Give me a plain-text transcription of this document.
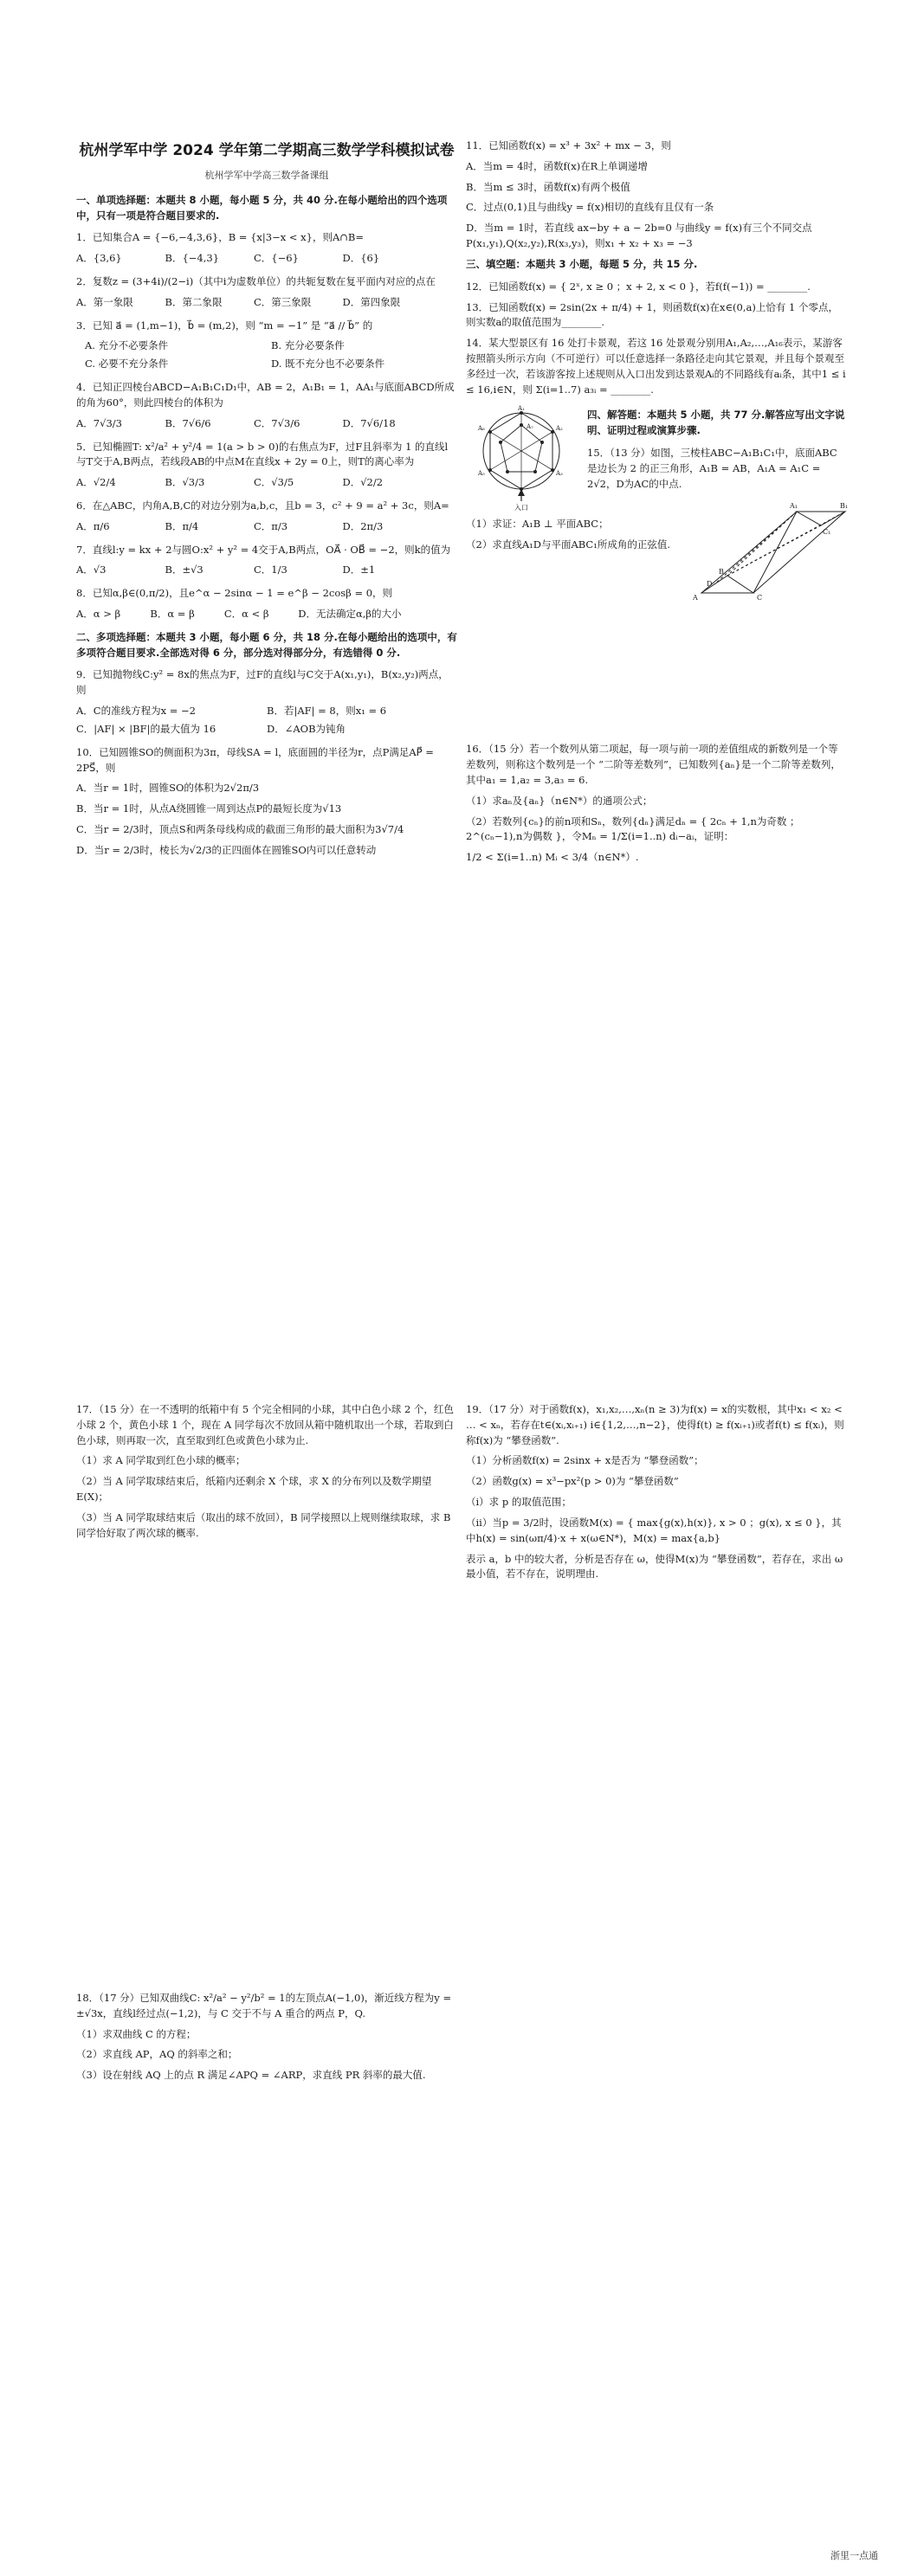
杭州学军中学 2024 学年第二学期高三数学学科模拟试卷
杭州学军中学高三数学备课组
一、单项选择题：本题共 8 小题，每小题 5 分，共 40 分.在每小题给出的四个选项中，只有一项是符合题目要求的.
1．已知集合A = {−6,−4,3,6}，B = {x|3−x < x}，则A∩B=
A．{3,6}	B．{−4,3}	C．{−6}	D．{6}
2．复数z = (3+4i)/(2−i)（其中i为虚数单位）的共轭复数在复平面内对应的点在
A．第一象限	B．第二象限	C．第三象限	D．第四象限
3．已知 a⃗ = (1,m−1)，b⃗ = (m,2)，则 “m = −1” 是 “a⃗ // b⃗” 的
A. 充分不必要条件	B. 充分必要条件
C. 必要不充分条件	D. 既不充分也不必要条件
4．已知正四棱台ABCD−A₁B₁C₁D₁中，AB = 2，A₁B₁ = 1，AA₁与底面ABCD所成的角为60°，则此四棱台的体积为
A．7√3/3	B．7√6/6	C．7√3/6	D．7√6/18
5．已知椭圆T: x²/a² + y²/4 = 1(a > b > 0)的右焦点为F，过F且斜率为 1 的直线l与T交于A,B两点，若线段AB的中点M在直线x + 2y = 0上，则T的离心率为
A．√2/4	B．√3/3	C．√3/5	D．√2/2
6．在△ABC，内角A,B,C的对边分别为a,b,c，且b = 3，c² + 9 = a² + 3c，则A=
A．π/6	B．π/4	C．π/3	D．2π/3
7．直线l:y = kx + 2与圆O:x² + y² = 4交于A,B两点，OA⃗ · OB⃗ = −2，则k的值为
A．√3	B．±√3	C．1/3	D．±1
8．已知α,β∈(0,π/2)，且e^α − 2sinα − 1 = e^β − 2cosβ = 0，则
A．α > β	B．α = β	C．α < β	D．无法确定α,β的大小
二、多项选择题：本题共 3 小题，每小题 6 分，共 18 分.在每小题给出的选项中，有多项符合题目要求.全部选对得 6 分，部分选对得部分分，有选错得 0 分.
9．已知抛物线C:y² = 8x的焦点为F，过F的直线l与C交于A(x₁,y₁)，B(x₂,y₂)两点，则
A．C的准线方程为x = −2	B．若|AF| = 8，则x₁ = 6
C．|AF| × |BF|的最大值为 16	D．∠AOB为钝角
10．已知圆锥SO的侧面积为3π，母线SA = l，底面圆的半径为r，点P满足AP⃗ = 2PS⃗，则
A．当r = 1时，圆锥SO的体积为2√2π/3
B．当r = 1时，从点A绕圆锥一周到达点P的最短长度为√13
C．当r = 2/3时，顶点S和两条母线构成的截面三角形的最大面积为3√7/4
D．当r = 2/3时，棱长为√2/3的正四面体在圆锥SO内可以任意转动
11．已知函数f(x) = x³ + 3x² + mx − 3，则
A．当m = 4时，函数f(x)在R上单调递增
B．当m ≤ 3时，函数f(x)有两个极值
C．过点(0,1)且与曲线y = f(x)相切的直线有且仅有一条
D．当m = 1时，若直线 ax−by + a − 2b=0 与曲线y = f(x)有三个不同交点P(x₁,y₁),Q(x₂,y₂),R(x₃,y₃)，则x₁ + x₂ + x₃ = −3
三、填空题：本题共 3 小题，每题 5 分，共 15 分.
12．已知函数f(x) = { 2ˣ, x ≥ 0 ；x + 2, x < 0 }，若f(f(−1)) = ________.
13．已知函数f(x) = 2sin(2x + π/4) + 1，则函数f(x)在x∈(0,a)上恰有 1 个零点，则实数a的取值范围为________.
14．某大型景区有 16 处打卡景观，若这 16 处景观分别用A₁,A₂,…,A₁₆表示，某游客按照箭头所示方向（不可逆行）可以任意选择一条路径走向其它景观，并且每个景观至多经过一次，若该游客按上述规则从入口出发到达景观Aᵢ的不同路线有aᵢ条，其中1 ≤ i ≤ 16,i∈N，则 Σ(i=1..7) a₃ᵢ = ________.
A₁
A₂
A₃
A₅
A₆	A₇
入口
四、解答题：本题共 5 小题，共 77 分.解答应写出文字说明、证明过程或演算步骤.
15．（13 分）如图，三棱柱ABC−A₁B₁C₁中，底面ABC是边长为 2 的正三角形，A₁B = AB，A₁A = A₁C = 2√2，D为AC的中点.
（1）求证：A₁B ⊥ 平面ABC；
（2）求直线A₁D与平面ABC₁所成角的正弦值.
A	C
B
D
A₁	B₁
C₁
16．（15 分）若一个数列从第二项起，每一项与前一项的差值组成的新数列是一个等差数列，则称这个数列是一个 “二阶等差数列”，已知数列{aₙ}是一个二阶等差数列，其中a₁ = 1,a₂ = 3,a₃ = 6.
（1）求aₙ及{aₙ}（n∈N*）的通项公式；
（2）若数列{cₙ}的前n项和Sₙ，数列{dₙ}满足dₙ = { 2cₙ + 1,n为奇数 ；2^(cₙ−1),n为偶数 }，令Mₙ = 1/Σ(i=1..n) dᵢ−aᵢ，证明：
1/2 < Σ(i=1..n) Mᵢ < 3/4（n∈N*）.
17．（15 分）在一不透明的纸箱中有 5 个完全相同的小球，其中白色小球 2 个，红色小球 2 个，黄色小球 1 个，现在 A 同学每次不放回从箱中随机取出一个球，若取到白色小球，则再取一次，直至取到红色或黄色小球为止.
（1）求 A 同学取到红色小球的概率；
（2）当 A 同学取球结束后，纸箱内还剩余 X 个球，求 X 的分布列以及数学期望 E(X)；
（3）当 A 同学取球结束后（取出的球不放回），B 同学接照以上规则继续取球，求 B 同学恰好取了两次球的概率.
19．（17 分）对于函数f(x)，x₁,x₂,…,xₙ(n ≥ 3)为f(x) = x的实数根，其中x₁ < x₂ < … < xₙ，若存在t∈(xᵢ,xᵢ₊₁) i∈{1,2,…,n−2}，使得f(t) ≥ f(xᵢ₊₁)或者f(t) ≤ f(xᵢ)，则称f(x)为 “攀登函数”.
（1）分析函数f(x) = 2sinx + x是否为 “攀登函数”；
（2）函数g(x) = x³−px²(p > 0)为 “攀登函数”
（i）求 p 的取值范围；
（ii）当p = 3/2时，设函数M(x) = { max{g(x),h(x)}, x > 0 ；g(x), x ≤ 0 }，其中h(x) = sin(ωπ/4)·x + x(ω∈N*)，M(x) = max{a,b}
表示 a，b 中的较大者，分析是否存在 ω，使得M(x)为 “攀登函数”，若存在，求出 ω 最小值，若不存在，说明理由.
18．（17 分）已知双曲线C: x²/a² − y²/b² = 1的左顶点A(−1,0)，渐近线方程为y = ±√3x，直线l经过点(−1,2)，与 C 交于不与 A 重合的两点 P，Q.
（1）求双曲线 C 的方程；
（2）求直线 AP，AQ 的斜率之和；
（3）设在射线 AQ 上的点 R 满足∠APQ = ∠ARP，求直线 PR 斜率的最大值.
浙里一点通
